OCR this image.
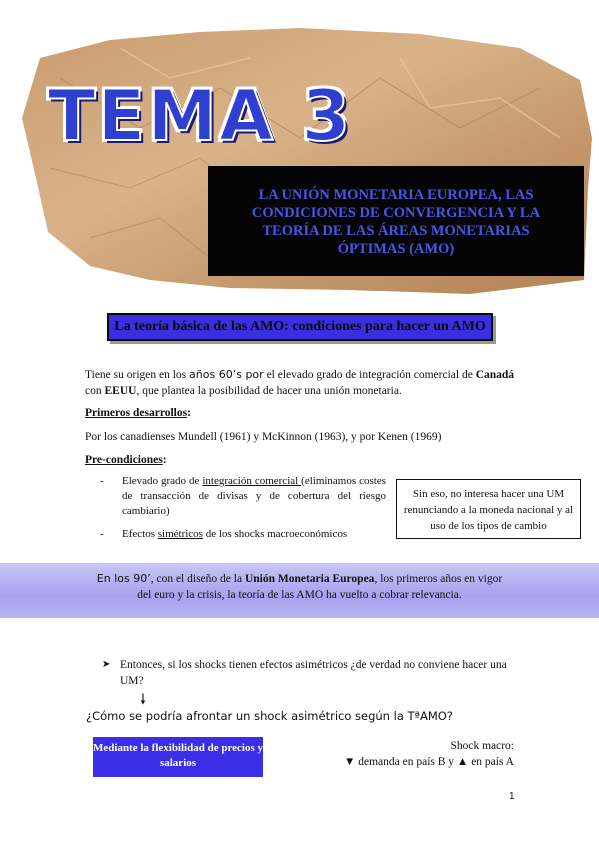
TEMA 3
LA UNIÓN MONETARIA EUROPEA, LAS
CONDICIONES DE CONVERGENCIA Y LA
TEORÍA DE LAS ÁREAS MONETARIAS
ÓPTIMAS (AMO)
La teoría básica de las AMO: condiciones para hacer un AMO
Tiene su origen en los años 60’s por el elevado grado de integración comercial de Canadá
con EEUU, que plantea la posibilidad de hacer una unión monetaria.
Primeros desarrollos:
Por los canadienses Mundell (1961) y McKinnon (1963), y por Kenen (1969)
Pre-condiciones:
- Elevado grado de integración comercial (eliminamos costes de transacción de divisas y de cobertura del riesgo cambiario)
- Efectos simétricos de los shocks macroeconómicos
Sin eso, no interesa hacer una UM renunciando a la moneda nacional y al uso de los tipos de cambio
En los 90’, con el diseño de la Unión Monetaria Europea, los primeros años en vigor
del euro y la crisis, la teoría de las AMO ha vuelto a cobrar relevancia.
➤ Entonces, si los shocks tienen efectos asimétricos ¿de verdad no conviene hacer una UM?
🠗
¿Cómo se podría afrontar un shock asimétrico según la TªAMO?
Mediante la flexibilidad de precios y salarios
Shock macro:
▼ demanda en país B y ▲ en país A
1
